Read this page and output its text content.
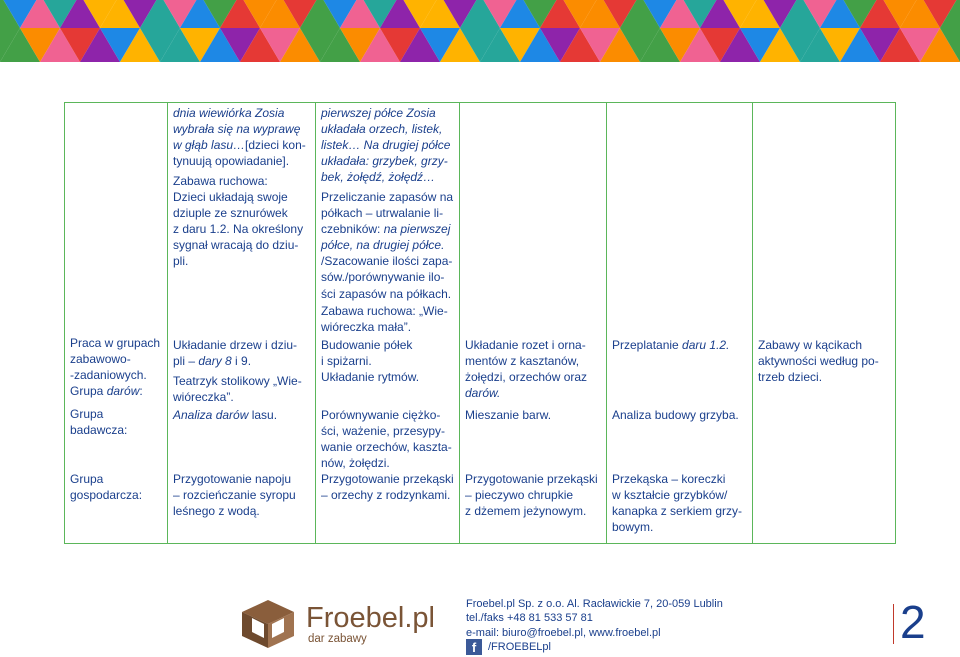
Praca w grupach
zabawowo-
-zadaniowych.
Grupa darów:
Grupa
badawcza:
Grupa
gospodarcza:
dnia wiewiórka Zosia
wybrała się na wyprawę
w głąb lasu…[dzieci kon-
tynuują opowiadanie].
Zabawa ruchowa:
Dzieci układają swoje
dziuple ze sznurówek
z daru 1.2. Na określony
sygnał wracają do dziu-
pli.
Układanie drzew i dziu-
pli – dary 8 i 9.
Teatrzyk stolikowy „Wie-
wióreczka”.
Analiza darów lasu.
Przygotowanie napoju
– rozcieńczanie syropu
leśnego z wodą.
pierwszej półce Zosia
układała orzech, listek,
listek… Na drugiej półce
układała: grzybek, grzy-
bek, żołędź, żołędź…
Przeliczanie zapasów na
półkach – utrwalanie li-
czebników: na pierwszej
półce, na drugiej półce.
/Szacowanie ilości zapa-
sów./porównywanie ilo-
ści zapasów na półkach.
Zabawa ruchowa: „Wie-
wióreczka mała”.
Budowanie półek
i spiżarni.
Układanie rytmów.
Porównywanie ciężko-
ści, ważenie, przesypy-
wanie orzechów, kaszta-
nów, żołędzi.
Przygotowanie przekąski
– orzechy z rodzynkami.
Układanie rozet i orna-
mentów z kasztanów,
żołędzi, orzechów oraz
darów.
Mieszanie barw.
Przygotowanie przekąski
– pieczywo chrupkie
z dżemem jeżynowym.
Przeplatanie daru 1.2.
Analiza budowy grzyba.
Przekąska – koreczki
w kształcie grzybków/
kanapka z serkiem grzy-
bowym.
Zabawy w kącikach
aktywności według po-
trzeb dzieci.
Froebel.pl
dar zabawy
Froebel.pl Sp. z o.o. Al. Racławickie 7, 20-059 Lublin
tel./faks +48 81 533 57 81
e-mail: biuro@froebel.pl, www.froebel.pl
f	/FROEBELpl	2
